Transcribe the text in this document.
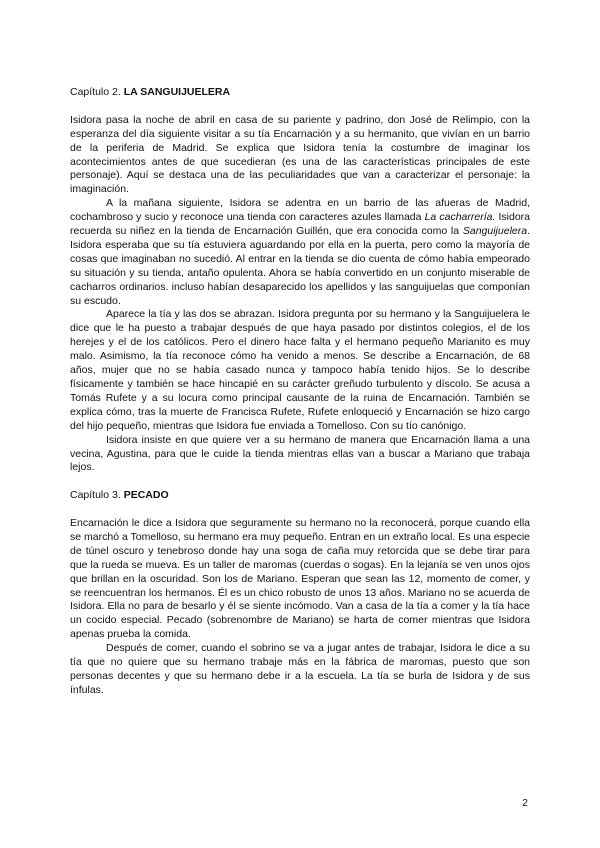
Capítulo 2. LA SANGUIJUELERA

Isidora pasa la noche de abril en casa de su pariente y padrino, don José de Relimpio, con la esperanza del día siguiente visitar a su tía Encarnación y a su hermanito, que vivían en un barrio de la periferia de Madrid. Se explica que Isidora tenía la costumbre de imaginar los acontecimientos antes de que sucedieran (es una de las características principales de este personaje). Aquí se destaca una de las peculiaridades que van a caracterizar el personaje: la imaginación.

A la mañana siguiente, Isidora se adentra en un barrio de las afueras de Madrid, cochambroso y sucio y reconoce una tienda con caracteres azules llamada La cacharrería. Isidora recuerda su niñez en la tienda de Encarnación Guillén, que era conocida como la Sanguijuelera. Isidora esperaba que su tía estuviera aguardando por ella en la puerta, pero como la mayoría de cosas que imaginaban no sucedió. Al entrar en la tienda se dio cuenta de cómo había empeorado su situación y su tienda, antaño opulenta. Ahora se había convertido en un conjunto miserable de cacharros ordinarios. incluso habían desaparecido los apellidos y las sanguijuelas que componían su escudo.

Aparece la tía y las dos se abrazan. Isidora pregunta por su hermano y la Sanguijuelera le dice que le ha puesto a trabajar después de que haya pasado por distintos colegios, el de los herejes y el de los católicos. Pero el dinero hace falta y el hermano pequeño Marianito es muy malo. Asimismo, la tía reconoce cómo ha venido a menos. Se describe a Encarnación, de 68 años, mujer que no se había casado nunca y tampoco había tenido hijos. Se lo describe físicamente y también se hace hincapié en su carácter greñudo turbulento y díscolo. Se acusa a Tomás Rufete y a su locura como principal causante de la ruina de Encarnación. También se explica cómo, tras la muerte de Francisca Rufete, Rufete enloqueció y Encarnación se hizo cargo del hijo pequeño, mientras que Isidora fue enviada a Tomelloso. Con su tío canónigo.

Isidora insiste en que quiere ver a su hermano de manera que Encarnación llama a una vecina, Agustina, para que le cuide la tienda mientras ellas van a buscar a Mariano que trabaja lejos.

Capítulo 3. PECADO

Encarnación le dice a Isidora que seguramente su hermano no la reconocerá, porque cuando ella se marchó a Tomelloso, su hermano era muy pequeño. Entran en un extraño local. Es una especie de túnel oscuro y tenebroso donde hay una soga de caña muy retorcida que se debe tirar para que la rueda se mueva. Es un taller de maromas (cuerdas o sogas). En la lejanía se ven unos ojos que brillan en la oscuridad. Son los de Mariano. Esperan que sean las 12, momento de comer, y se reencuentran los hermanos. Él es un chico robusto de unos 13 años. Mariano no se acuerda de Isidora. Ella no para de besarlo y él se siente incómodo. Van a casa de la tía a comer y la tía hace un cocido especial. Pecado (sobrenombre de Mariano) se harta de comer mientras que Isidora apenas prueba la comida.

Después de comer, cuando el sobrino se va a jugar antes de trabajar, Isidora le dice a su tía que no quiere que su hermano trabaje más en la fábrica de maromas, puesto que son personas decentes y que su hermano debe ir a la escuela. La tía se burla de Isidora y de sus ínfulas.

2
